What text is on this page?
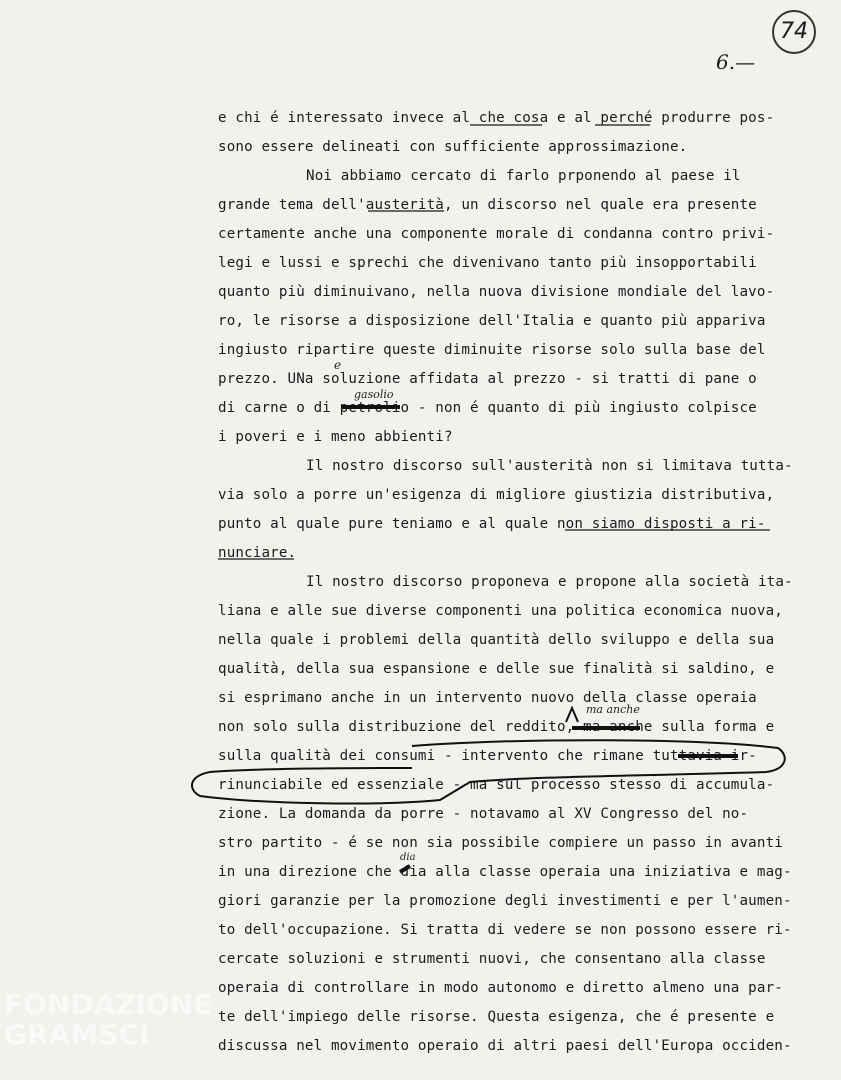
74
6.—
e chi é interessato invece al che cosa e al perché produrre pos-
sono essere delineati con sufficiente approssimazione.
Noi abbiamo cercato di farlo prponendo al paese il
grande tema dell'austerità, un discorso nel quale era presente
certamente anche una componente morale di condanna contro privi-
legi e lussi e sprechi che divenivano tanto più insopportabili
quanto più diminuivano, nella nuova divisione mondiale del lavo-
ro, le risorse a disposizione dell'Italia e quanto più appariva
ingiusto ripartire queste diminuite risorse solo sulla base del
prezzo. UNa soluzione affidata al prezzo - si tratti di pane o
di carne o di petrolio - non é quanto di più ingiusto colpisce
i poveri e i meno abbienti?
Il nostro discorso sull'austerità non si limitava tutta-
via solo a porre un'esigenza di migliore giustizia distributiva,
punto al quale pure teniamo e al quale non siamo disposti a ri-
nunciare.
Il nostro discorso proponeva e propone alla società ita-
liana e alle sue diverse componenti una politica economica nuova,
nella quale i problemi della quantità dello sviluppo e della sua
qualità, della sua espansione e delle sue finalità si saldino, e
si esprimano anche in un intervento nuovo della classe operaia
non solo sulla distribuzione del reddito, ma anche sulla forma e
sulla qualità dei consumi - intervento che rimane tuttavia ir-
rinunciabile ed essenziale - ma sul processo stesso di accumula-
zione. La domanda da porre - notavamo al XV Congresso del no-
stro partito - é se non sia possibile compiere un passo in avanti
in una direzione che dia alla classe operaia una iniziativa e mag-
giori garanzie per la promozione degli investimenti e per l'aumen-
to dell'occupazione. Si tratta di vedere se non possono essere ri-
cercate soluzioni e strumenti nuovi, che consentano alla classe
operaia di controllare in modo autonomo e diretto almeno una par-
te dell'impiego delle risorse. Questa esigenza, che é presente e
discussa nel movimento operaio di altri paesi dell'Europa occiden-
e
gasolio
ma anche
dia
FONDAZIONE
GRAMSCI
